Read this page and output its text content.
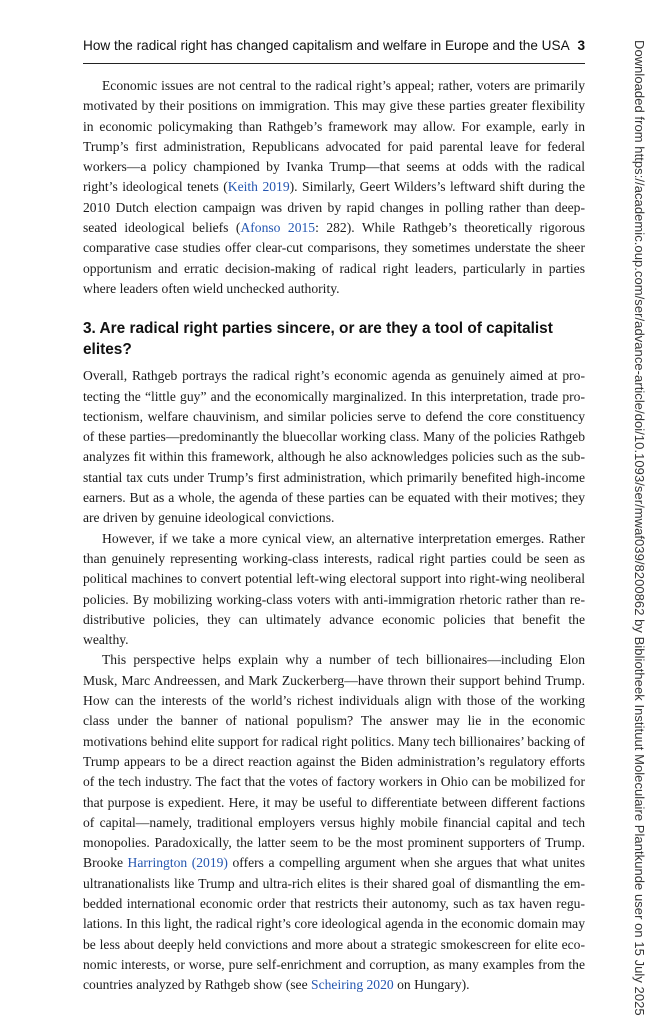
How the radical right has changed capitalism and welfare in Europe and the USA 3	Downloaded from https://academic.oup.com/ser/advance-article/doi/10.1093/ser/mwaf039/8200862 by Bibliotheek Instituut Moleculaire Plantkunde user on 15 July 2025

Economic issues are not central to the radical right’s appeal; rather, voters are primarily motivated by their positions on immigration. This may give these parties greater flexibility in economic policymaking than Rathgeb’s framework may allow. For example, early in Trump’s first administration, Republicans advocated for paid parental leave for federal workers—a policy championed by Ivanka Trump—that seems at odds with the radical right’s ideological tenets (Keith 2019). Similarly, Geert Wilders’s leftward shift during the 2010 Dutch election campaign was driven by rapid changes in polling rather than deep-seated ideological beliefs (Afonso 2015: 282). While Rathgeb’s theoretically rigorous comparative case studies offer clear-cut comparisons, they sometimes understate the sheer opportunism and erratic decision-making of radical right leaders, particularly in parties where leaders often wield unchecked authority.

3. Are radical right parties sincere, or are they a tool of capitalist elites?

Overall, Rathgeb portrays the radical right’s economic agenda as genuinely aimed at protecting the “little guy” and the economically marginalized. In this interpretation, trade protectionism, welfare chauvinism, and similar policies serve to defend the core constituency of these parties—predominantly the bluecollar working class. Many of the policies Rathgeb analyzes fit within this framework, although he also acknowledges policies such as the substantial tax cuts under Trump’s first administration, which primarily benefited high-income earners. But as a whole, the agenda of these parties can be equated with their motives; they are driven by genuine ideological convictions.

However, if we take a more cynical view, an alternative interpretation emerges. Rather than genuinely representing working-class interests, radical right parties could be seen as political machines to convert potential left-wing electoral support into right-wing neoliberal policies. By mobilizing working-class voters with anti-immigration rhetoric rather than redistributive policies, they can ultimately advance economic policies that benefit the wealthy.

This perspective helps explain why a number of tech billionaires—including Elon Musk, Marc Andreessen, and Mark Zuckerberg—have thrown their support behind Trump. How can the interests of the world’s richest individuals align with those of the working class under the banner of national populism? The answer may lie in the economic motivations behind elite support for radical right politics. Many tech billionaires’ backing of Trump appears to be a direct reaction against the Biden administration’s regulatory efforts of the tech industry. The fact that the votes of factory workers in Ohio can be mobilized for that purpose is expedient. Here, it may be useful to differentiate between different factions of capital—namely, traditional employers versus highly mobile financial capital and tech monopolies. Paradoxically, the latter seem to be the most prominent supporters of Trump. Brooke Harrington (2019) offers a compelling argument when she argues that what unites ultranationalists like Trump and ultra-rich elites is their shared goal of dismantling the embedded international economic order that restricts their autonomy, such as tax haven regulations. In this light, the radical right’s core ideological agenda in the economic domain may be less about deeply held convictions and more about a strategic smokescreen for elite economic interests, or worse, pure self-enrichment and corruption, as many examples from the countries analyzed by Rathgeb show (see Scheiring 2020 on Hungary).
